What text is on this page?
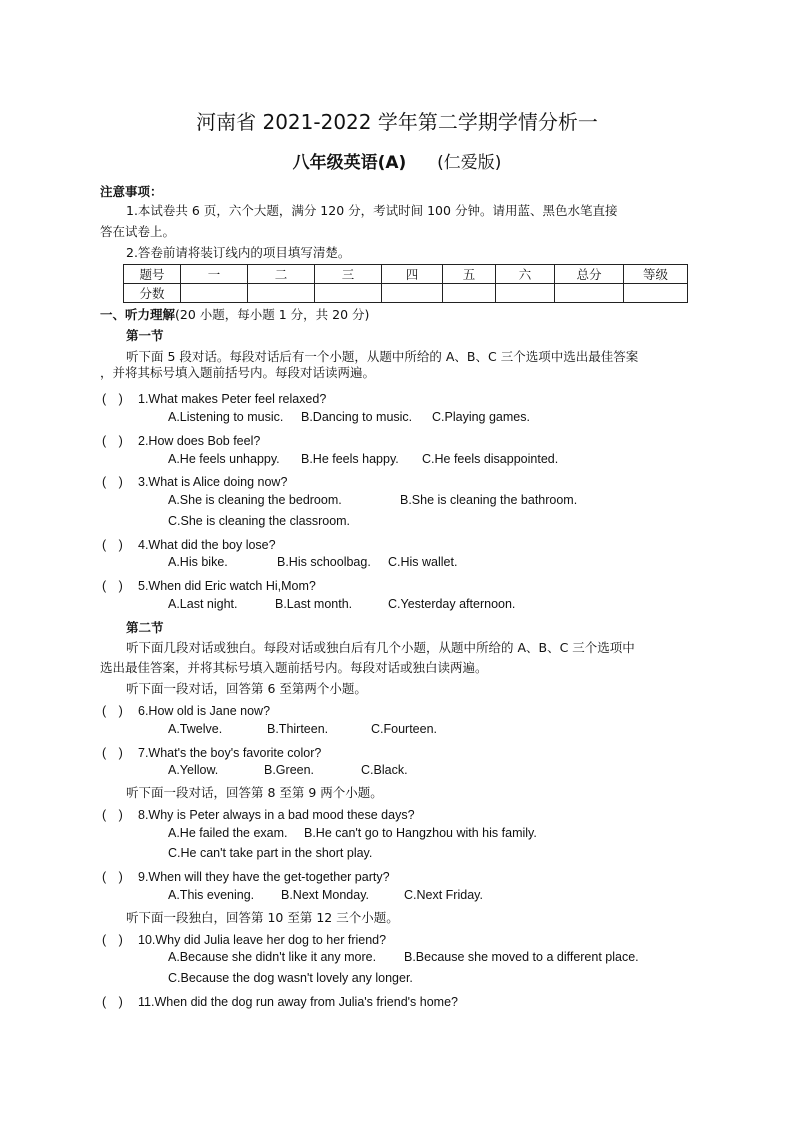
河南省 2021-2022 学年第二学期学情分析一
八年级英语(A) (仁爱版)
注意事项：
1.本试卷共 6 页，六个大题，满分 120 分，考试时间 100 分钟。请用蓝、黑色水笔直接
答在试卷上。
2.答卷前请将装订线内的项目填写清楚。
题号	一	二	三	四	五	六	总分	等级
分数								
一、听力理解(20 小题，每小题 1 分，共 20 分)
第一节
听下面 5 段对话。每段对话后有一个小题，从题中所给的 A、B、C 三个选项中选出最佳答案
，并将其标号填入题前括号内。每段对话读两遍。
(　) 1.What makes Peter feel relaxed?
A.Listening to music. B.Dancing to music. C.Playing games.
(　) 2.How does Bob feel?
A.He feels unhappy. B.He feels happy. C.He feels disappointed.
(　) 3.What is Alice doing now?
A.She is cleaning the bedroom.	B.She is cleaning the bathroom.
C.She is cleaning the classroom.
(　) 4.What did the boy lose?
A.His bike.	B.His schoolbag. C.His wallet.
(　) 5.When did Eric watch Hi,Mom?
A.Last night.	B.Last month.	C.Yesterday afternoon.
第二节
听下面几段对话或独白。每段对话或独白后有几个小题，从题中所给的 A、B、C 三个选项中
选出最佳答案，并将其标号填入题前括号内。每段对话或独白读两遍。
听下面一段对话，回答第 6 至第两个小题。
(　) 6.How old is Jane now?
A.Twelve.	B.Thirteen.	C.Fourteen.
(　) 7.What's the boy's favorite color?
A.Yellow.	B.Green.	C.Black.
听下面一段对话，回答第 8 至第 9 两个小题。
(　) 8.Why is Peter always in a bad mood these days?
A.He failed the exam. B.He can't go to Hangzhou with his family.
C.He can't take part in the short play.
(　) 9.When will they have the get-together party?
A.This evening. B.Next Monday.	C.Next Friday.
听下面一段独白，回答第 10 至第 12 三个小题。
(　) 10.Why did Julia leave her dog to her friend?
A.Because she didn't like it any more. B.Because she moved to a different place.
C.Because the dog wasn't lovely any longer.
(　) 11.When did the dog run away from Julia's friend's home?
